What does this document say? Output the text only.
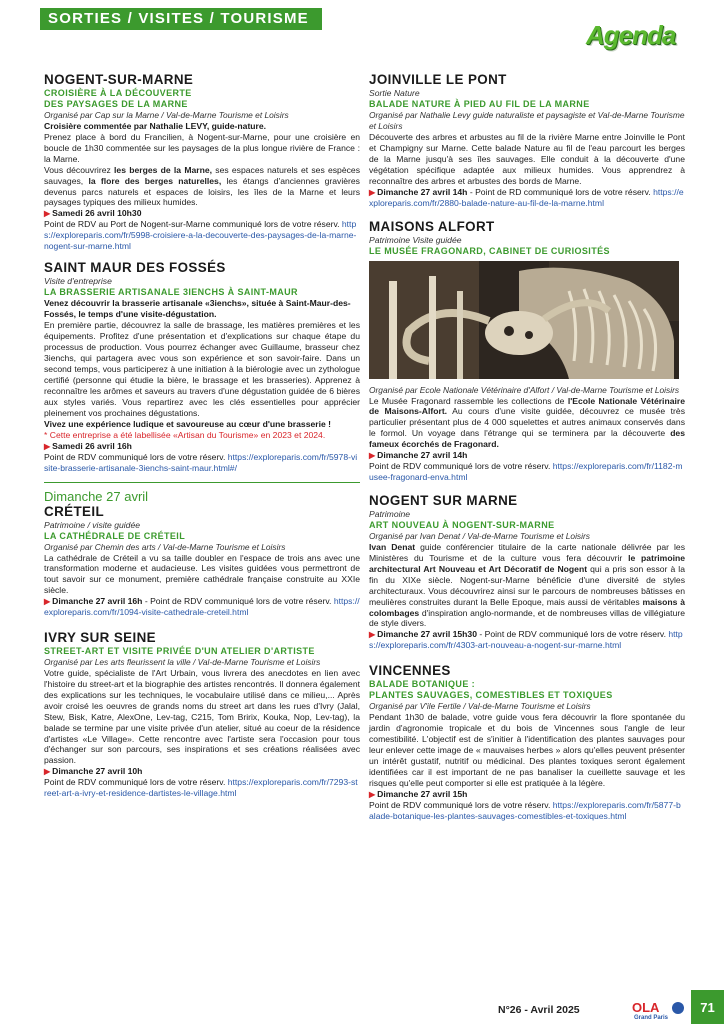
SORTIES / VISITES / TOURISME
Agenda
NOGENT-SUR-MARNE
CROISIÈRE À LA DÉCOUVERTE
DES PAYSAGES DE LA MARNE
Organisé par Cap sur la Marne / Val-de-Marne Tourisme et Loisirs
Croisière commentée par Nathalie LEVY, guide-nature.
Prenez place à bord du Francilien, à Nogent-sur-Marne, pour une croisière en boucle de 1h30 commentée sur les paysages de la plus longue rivière de France : la Marne.
Vous découvrirez les berges de la Marne, ses espaces naturels et ses espèces sauvages, la flore des berges naturelles, les étangs d'anciennes gravières devenus parcs naturels et espaces de loisirs, les îles de la Marne et leurs paysages typiques des milieux humides.
▶ Samedi 26 avril 10h30
Point de RDV au Port de Nogent-sur-Marne communiqué lors de votre réserv. https://exploreparis.com/fr/5998-croisiere-a-la-decouverte-des-paysages-de-la-marne-nogent-sur-marne.html
SAINT MAUR DES FOSSÉS
Visite d'entreprise
LA BRASSERIE ARTISANALE 3IENCHS À SAINT-MAUR
Venez découvrir la brasserie artisanale «3ienchs», située à Saint-Maur-des-Fossés, le temps d'une visite-dégustation.
En première partie, découvrez la salle de brassage, les matières premières et les équipements. Profitez d'une présentation et d'explications sur chaque étape du processus de production. Vous pourrez échanger avec Guillaume, brasseur chez 3ienchs, qui partagera avec vous son expérience et son savoir-faire. Dans un second temps, vous participerez à une initiation à la biérologie avec un zythologue certifié (personne qui étudie la bière, le brassage et les brasseries). Apprenez à reconnaître les arômes et saveurs au travers d'une dégustation guidée de 6 bières aux styles variés. Vous repartirez avec les clés essentielles pour apprécier pleinement vos prochaines dégustations.
Vivez une expérience ludique et savoureuse au cœur d'une brasserie !
* Cette entreprise a été labellisée «Artisan du Tourisme» en 2023 et 2024.
▶ Samedi 26 avril 16h
Point de RDV communiqué lors de votre réserv. https://exploreparis.com/fr/5978-visite-brasserie-artisanale-3ienchs-saint-maur.html#/
Dimanche 27 avril
CRÉTEIL
Patrimoine / visite guidée
LA CATHÉDRALE DE CRÉTEIL
Organisé par Chemin des arts / Val-de-Marne Tourisme et Loisirs
La cathédrale de Créteil a vu sa taille doubler en l'espace de trois ans avec une transformation moderne et audacieuse. Les visites guidées vous permettront de tout savoir sur ce monument, première cathédrale française construite au XXIe siècle.
▶ Dimanche 27 avril 16h - Point de RDV communiqué lors de votre réserv. https://exploreparis.com/fr/1094-visite-cathedrale-creteil.html
IVRY SUR SEINE
STREET-ART ET VISITE PRIVÉE D'UN ATELIER D'ARTISTE
Organisé par Les arts fleurissent la ville / Val-de-Marne Tourisme et Loisirs
Votre guide, spécialiste de l'Art Urbain, vous livrera des anecdotes en lien avec l'histoire du street-art et la biographie des artistes rencontrés. Il donnera également des explications sur les techniques, le vocabulaire utilisé dans ce milieu,... Après avoir croisé les oeuvres de grands noms du street art dans les rues d'Ivry (Jalal, Stew, Bisk, Katre, AlexOne, Lev-tag, C215, Tom Bririx, Kouka, Nop, Lev-tag), la balade se termine par une visite privée d'un atelier, situé au coeur de la résidence d'artistes «Le Village». Cette rencontre avec l'artiste sera l'occasion pour tous d'échanger sur son parcours, ses inspirations et ses créations réalisées avec passion.
▶ Dimanche 27 avril 10h
Point de RDV communiqué lors de votre réserv. https://exploreparis.com/fr/7293-street-art-a-ivry-et-residence-dartistes-le-village.html
JOINVILLE LE PONT
Sortie Nature
BALADE NATURE À PIED AU FIL DE LA MARNE
Organisé par Nathalie Levy guide naturaliste et paysagiste et Val-de-Marne Tourisme et Loisirs
Découverte des arbres et arbustes au fil de la rivière Marne entre Joinville le Pont et Champigny sur Marne. Cette balade Nature au fil de l'eau parcourt les berges de la Marne jusqu'à ses îles sauvages. Elle conduit à la découverte d'une végétation spécifique adaptée aux milieux humides. Vous apprendrez à reconnaître des arbres et arbustes des bords de Marne.
▶ Dimanche 27 avril 14h - Point de RD communiqué lors de votre réserv. https://exploreparis.com/fr/2880-balade-nature-au-fil-de-la-marne.html
MAISONS ALFORT
Patrimoine Visite guidée
LE MUSÉE FRAGONARD, CABINET DE CURIOSITÉS
Organisé par Ecole Nationale Vétérinaire d'Alfort / Val-de-Marne Tourisme et Loisirs
Le Musée Fragonard rassemble les collections de l'Ecole Nationale Vétérinaire de Maisons-Alfort. Au cours d'une visite guidée, découvrez ce musée très particulier présentant plus de 4 000 squelettes et autres animaux conservés dans le formol. Un voyage dans l'étrange qui se terminera par la découverte des fameux écorchés de Fragonard.
▶ Dimanche 27 avril 14h
Point de RDV communiqué lors de votre réserv. https://exploreparis.com/fr/1182-musee-fragonard-enva.html
NOGENT SUR MARNE
Patrimoine
ART NOUVEAU À NOGENT-SUR-MARNE
Organisé par Ivan Denat / Val-de-Marne Tourisme et Loisirs
Ivan Denat guide conférencier titulaire de la carte nationale délivrée par les Ministères du Tourisme et de la culture vous fera découvrir le patrimoine architectural Art Nouveau et Art Décoratif de Nogent qui a pris son essor à la fin du XIXe siècle. Nogent-sur-Marne bénéficie d'une diversité de styles architecturaux. Vous découvrirez ainsi sur le parcours de nombreuses bâtisses en meulières construites durant la Belle Epoque, mais aussi de véritables maisons à colombages d'inspiration anglo-normande, et de nombreuses villas de villégiature de style divers.
▶ Dimanche 27 avril 15h30 - Point de RDV communiqué lors de votre réserv. https://exploreparis.com/fr/4303-art-nouveau-a-nogent-sur-marne.html
VINCENNES
BALADE BOTANIQUE :
PLANTES SAUVAGES, COMESTIBLES ET TOXIQUES
Organisé par V'ile Fertile / Val-de-Marne Tourisme et Loisirs
Pendant 1h30 de balade, votre guide vous fera découvrir la flore spontanée du jardin d'agronomie tropicale et du bois de Vincennes sous l'angle de leur comestibilité. L'objectif est de s'initier à l'identification des plantes sauvages pour leur enlever cette image de « mauvaises herbes » alors qu'elles peuvent présenter un intérêt gustatif, nutritif ou médicinal. Des plantes toxiques seront également identifiées car il est important de ne pas banaliser la cueillette sauvage et les risques qu'elle peut comporter si elle est pratiquée à la légère.
▶ Dimanche 27 avril 15h
Point de RDV communiqué lors de votre réserv. https://exploreparis.com/fr/5877-balade-botanique-les-plantes-sauvages-comestibles-et-toxiques.html
N°26 - Avril 2025	OLA
Grand Paris
71
